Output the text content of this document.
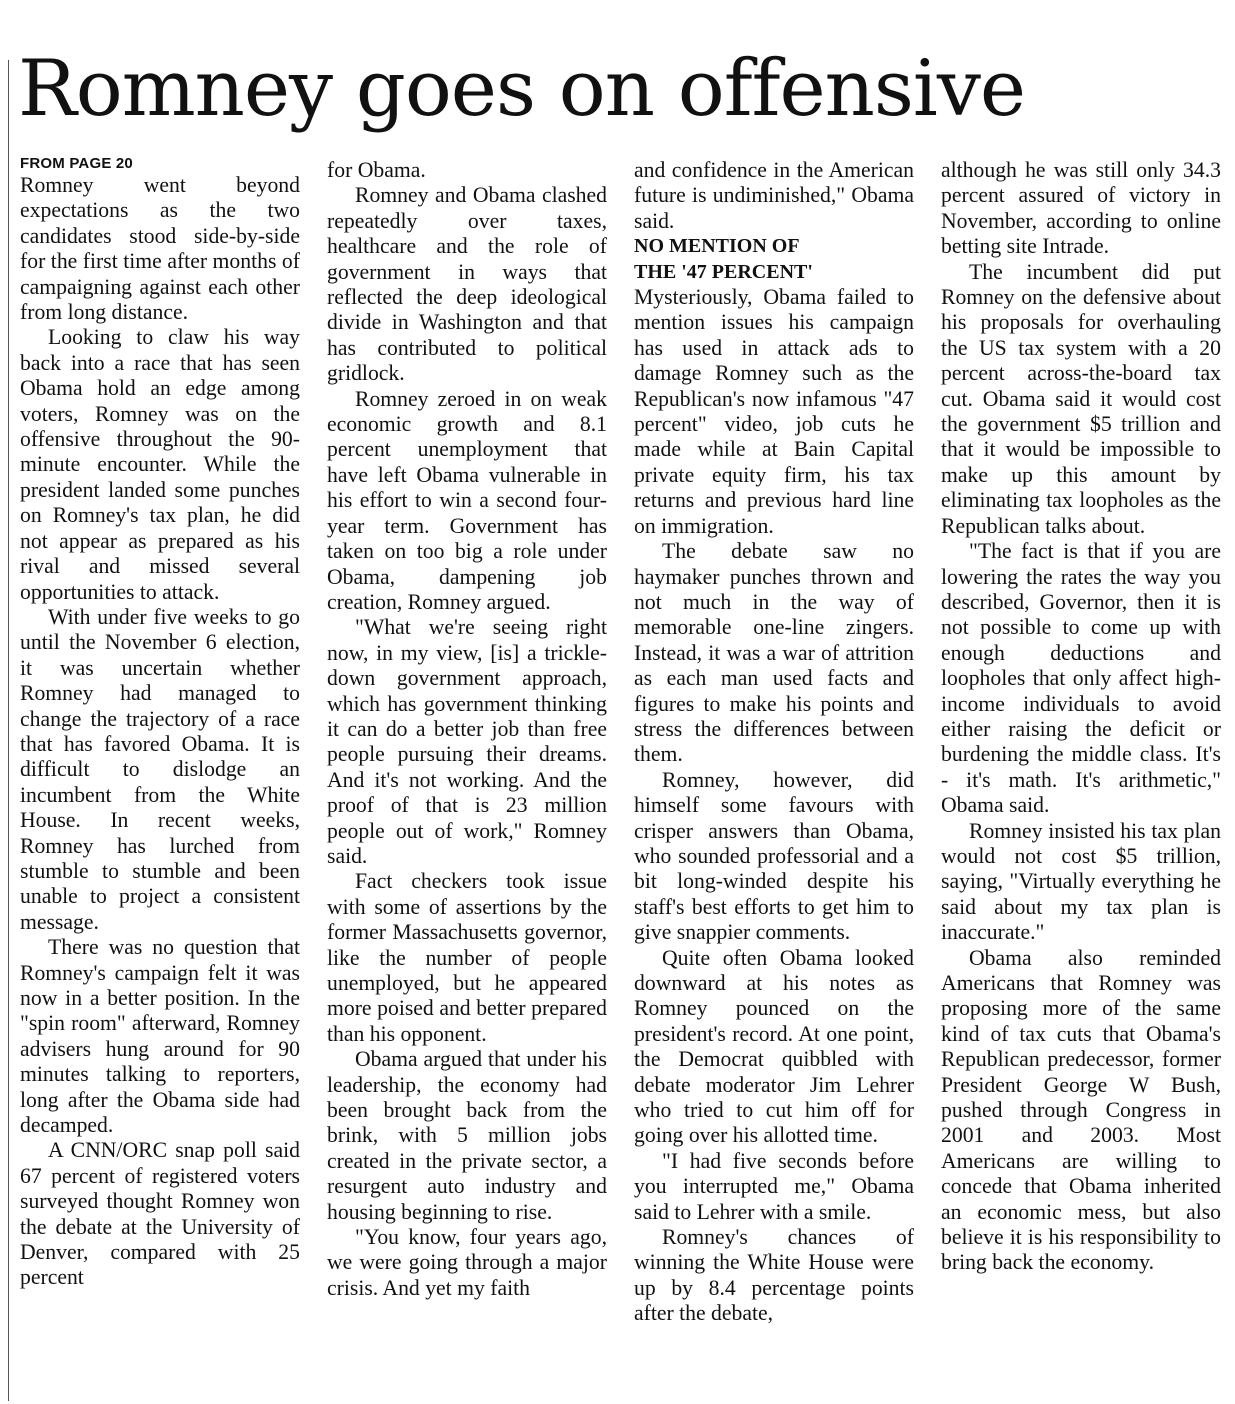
Romney goes on offensive

FROM PAGE 20

Romney went beyond expectations as the two candidates stood side-by-side for the first time after months of campaigning against each other from long distance.

Looking to claw his way back into a race that has seen Obama hold an edge among voters, Romney was on the offensive throughout the 90-minute encounter. While the president landed some punches on Romney's tax plan, he did not appear as prepared as his rival and missed several opportunities to attack.

With under five weeks to go until the November 6 election, it was uncertain whether Romney had managed to change the trajectory of a race that has favored Obama. It is difficult to dislodge an incumbent from the White House. In recent weeks, Romney has lurched from stumble to stumble and been unable to project a consistent message.

There was no question that Romney's campaign felt it was now in a better position. In the "spin room" afterward, Romney advisers hung around for 90 minutes talking to reporters, long after the Obama side had decamped.

A CNN/ORC snap poll said 67 percent of registered voters surveyed thought Romney won the debate at the University of Denver, compared with 25 percent

for Obama.

Romney and Obama clashed repeatedly over taxes, healthcare and the role of government in ways that reflected the deep ideological divide in Washington and that has contributed to political gridlock.

Romney zeroed in on weak economic growth and 8.1 percent unemployment that have left Obama vulnerable in his effort to win a second four-year term. Government has taken on too big a role under Obama, dampening job creation, Romney argued.

"What we're seeing right now, in my view, [is] a trickle-down government approach, which has government thinking it can do a better job than free people pursuing their dreams. And it's not working. And the proof of that is 23 million people out of work," Romney said.

Fact checkers took issue with some of assertions by the former Massachusetts governor, like the number of people unemployed, but he appeared more poised and better prepared than his opponent.

Obama argued that under his leadership, the economy had been brought back from the brink, with 5 million jobs created in the private sector, a resurgent auto industry and housing beginning to rise.

"You know, four years ago, we were going through a major crisis. And yet my faith

and confidence in the American future is undiminished," Obama said.

NO MENTION OF

THE '47 PERCENT'

Mysteriously, Obama failed to mention issues his campaign has used in attack ads to damage Romney such as the Republican's now infamous "47 percent" video, job cuts he made while at Bain Capital private equity firm, his tax returns and previous hard line on immigration.

The debate saw no haymaker punches thrown and not much in the way of memorable one-line zingers. Instead, it was a war of attrition as each man used facts and figures to make his points and stress the differences between them.

Romney, however, did himself some favours with crisper answers than Obama, who sounded professorial and a bit long-winded despite his staff's best efforts to get him to give snappier comments.

Quite often Obama looked downward at his notes as Romney pounced on the president's record. At one point, the Democrat quibbled with debate moderator Jim Lehrer who tried to cut him off for going over his allotted time.

"I had five seconds before you interrupted me," Obama said to Lehrer with a smile.

Romney's chances of winning the White House were up by 8.4 percentage points after the debate,

although he was still only 34.3 percent assured of victory in November, according to online betting site Intrade.

The incumbent did put Romney on the defensive about his proposals for overhauling the US tax system with a 20 percent across-the-board tax cut. Obama said it would cost the government $5 trillion and that it would be impossible to make up this amount by eliminating tax loopholes as the Republican talks about.

"The fact is that if you are lowering the rates the way you described, Governor, then it is not possible to come up with enough deductions and loopholes that only affect high-income individuals to avoid either raising the deficit or burdening the middle class. It's - it's math. It's arithmetic," Obama said.

Romney insisted his tax plan would not cost $5 trillion, saying, "Virtually everything he said about my tax plan is inaccurate."

Obama also reminded Americans that Romney was proposing more of the same kind of tax cuts that Obama's Republican predecessor, former President George W Bush, pushed through Congress in 2001 and 2003. Most Americans are willing to concede that Obama inherited an economic mess, but also believe it is his responsibility to bring back the economy.
